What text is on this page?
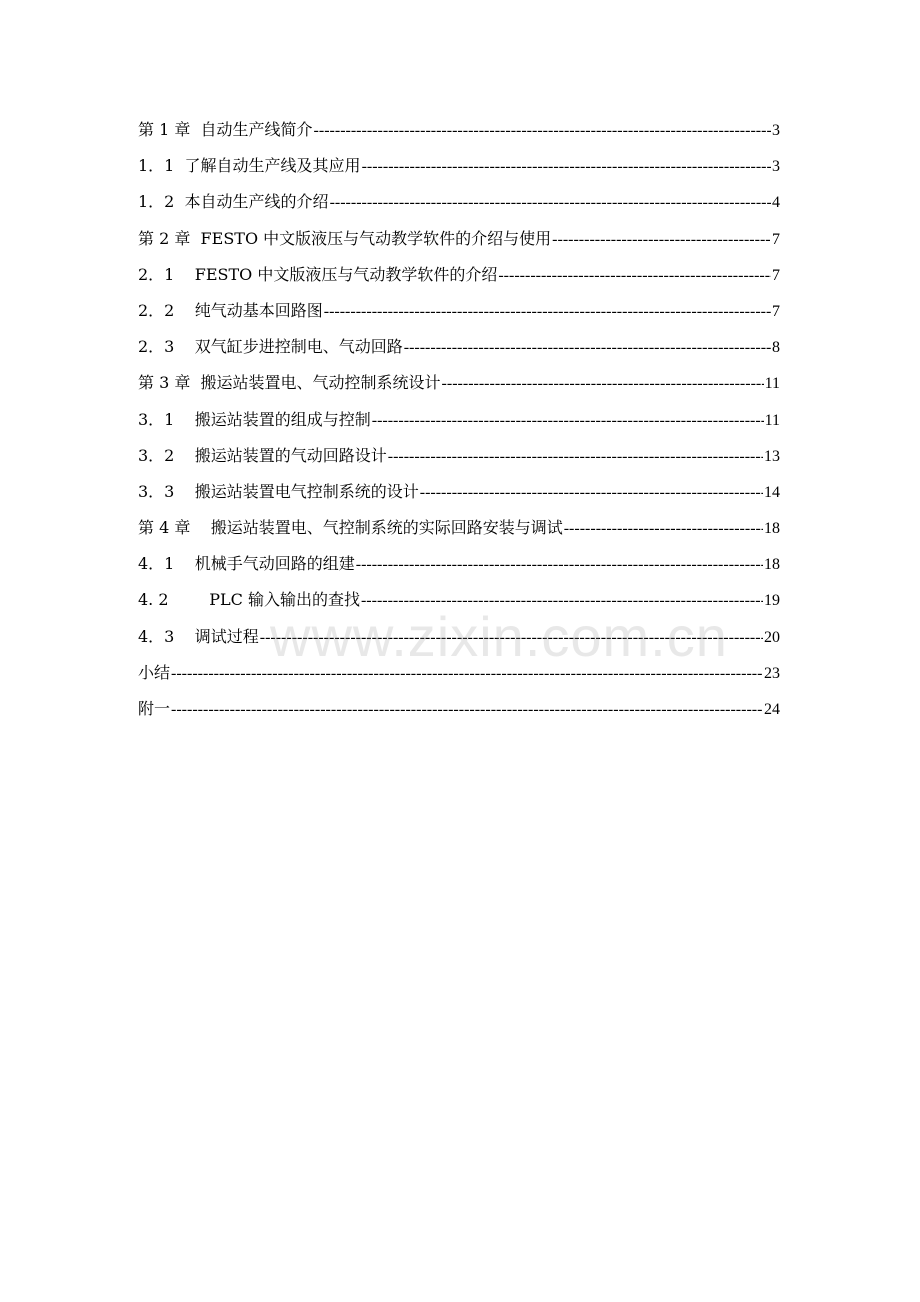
第 1 章 自动生产线简介 -----	3
1．1 了解自动生产线及其应用 -----	3
1．2 本自动生产线的介绍 -----	4
第 2 章 FESTO 中文版液压与气动教学软件的介绍与使用 -----	7
2．1 FESTO 中文版液压与气动教学软件的介绍 -----	7
2．2 纯气动基本回路图 -----	7
2．3 双气缸步进控制电、气动回路 -----	8
第 3 章 搬运站装置电、气动控制系统设计 -----	11
3．1 搬运站装置的组成与控制 -----	11
3．2 搬运站装置的气动回路设计 -----	13
3．3 搬运站装置电气控制系统的设计 -----	14
第 4 章 搬运站装置电、气控制系统的实际回路安装与调试 -----	18
4．1 机械手气动回路的组建 -----	18
4. 2 PLC 输入输出的查找 -----	19
4．3 调试过程 -----	20
小结 -----	23
附一 -----	24
www.zixin.com.cn
